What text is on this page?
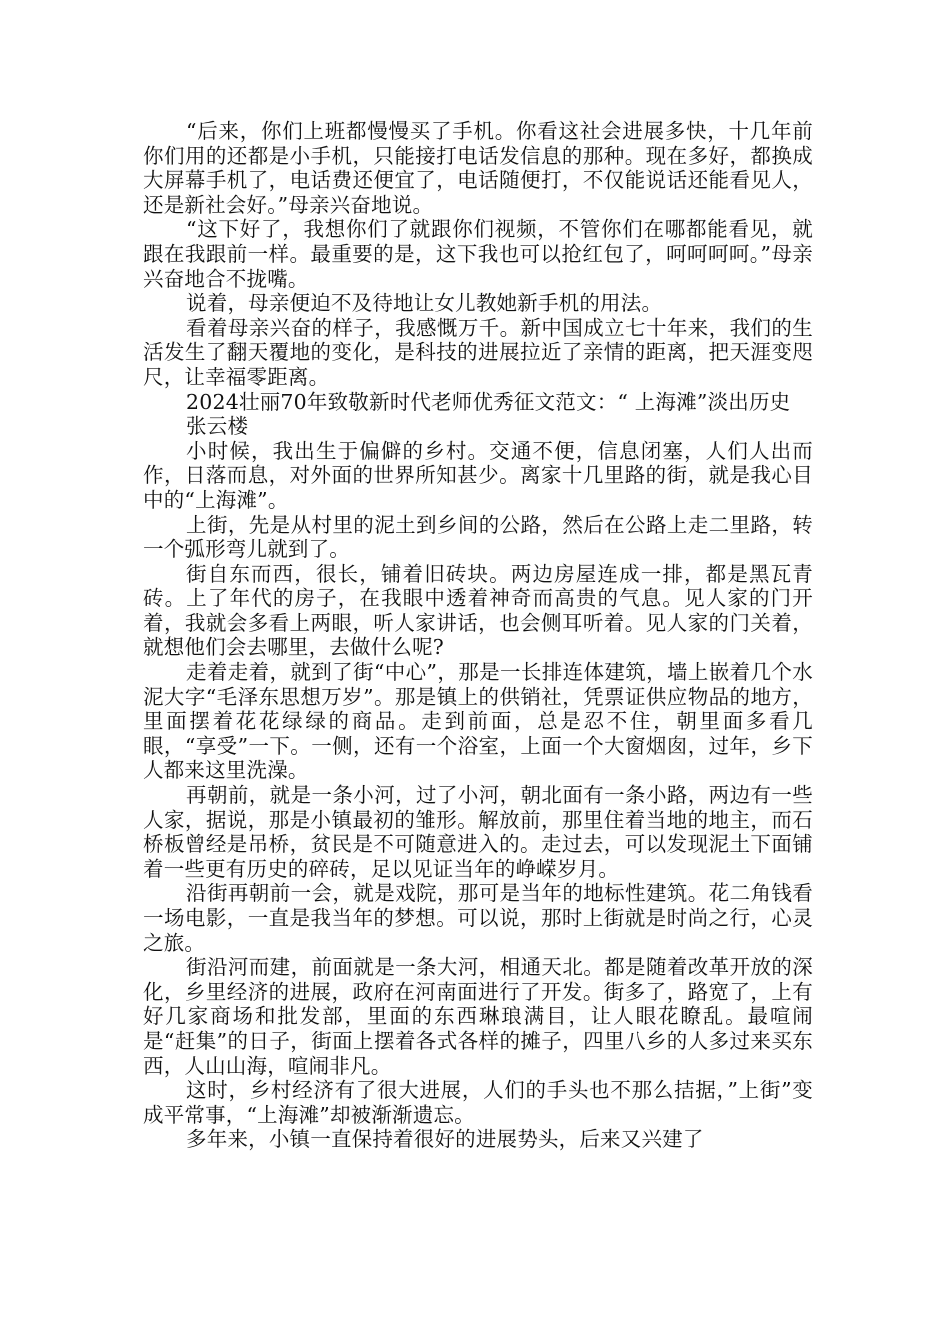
“后来，你们上班都慢慢买了手机。你看这社会进展多快，十几年前你们用的还都是小手机，只能接打电话发信息的那种。现在多好，都换成大屏幕手机了，电话费还便宜了，电话随便打，不仅能说话还能看见人，还是新社会好。”母亲兴奋地说。

“这下好了，我想你们了就跟你们视频，不管你们在哪都能看见，就跟在我跟前一样。最重要的是，这下我也可以抢红包了，呵呵呵呵。”母亲兴奋地合不拢嘴。

说着，母亲便迫不及待地让女儿教她新手机的用法。

看着母亲兴奋的样子，我感慨万千。新中国成立七十年来，我们的生活发生了翻天覆地的变化，是科技的进展拉近了亲情的距离，把天涯变咫尺，让幸福零距离。

2024壮丽70年致敬新时代老师优秀征文范文：“ 上海滩”淡出历史

张云楼

小时候，我出生于偏僻的乡村。交通不便，信息闭塞，人们人出而作，日落而息，对外面的世界所知甚少。离家十几里路的街，就是我心目中的“上海滩”。

上街，先是从村里的泥土到乡间的公路，然后在公路上走二里路，转一个弧形弯儿就到了。

街自东而西，很长，铺着旧砖块。两边房屋连成一排，都是黑瓦青砖。上了年代的房子，在我眼中透着神奇而高贵的气息。见人家的门开着，我就会多看上两眼，听人家讲话，也会侧耳听着。见人家的门关着，就想他们会去哪里，去做什么呢?

走着走着，就到了街“中心”，那是一长排连体建筑，墙上嵌着几个水泥大字“毛泽东思想万岁”。那是镇上的供销社，凭票证供应物品的地方，里面摆着花花绿绿的商品。走到前面，总是忍不住，朝里面多看几眼，“享受”一下。一侧，还有一个浴室，上面一个大窗烟囱，过年，乡下人都来这里洗澡。

再朝前，就是一条小河，过了小河，朝北面有一条小路，两边有一些人家，据说，那是小镇最初的雏形。解放前，那里住着当地的地主，而石桥板曾经是吊桥，贫民是不可随意进入的。走过去，可以发现泥土下面铺着一些更有历史的碎砖，足以见证当年的峥嵘岁月。

沿街再朝前一会，就是戏院，那可是当年的地标性建筑。花二角钱看一场电影，一直是我当年的梦想。可以说，那时上街就是时尚之行，心灵之旅。

街沿河而建，前面就是一条大河，相通天北。都是随着改革开放的深化，乡里经济的进展，政府在河南面进行了开发。街多了，路宽了，上有好几家商场和批发部，里面的东西琳琅满目，让人眼花瞭乱。最喧闹是“赶集”的日子，街面上摆着各式各样的摊子，四里八乡的人多过来买东西，人山山海，喧闹非凡。

这时，乡村经济有了很大进展，人们的手头也不那么拮据，”上街”变成平常事，“上海滩”却被渐渐遗忘。

多年来，小镇一直保持着很好的进展势头，后来又兴建了
